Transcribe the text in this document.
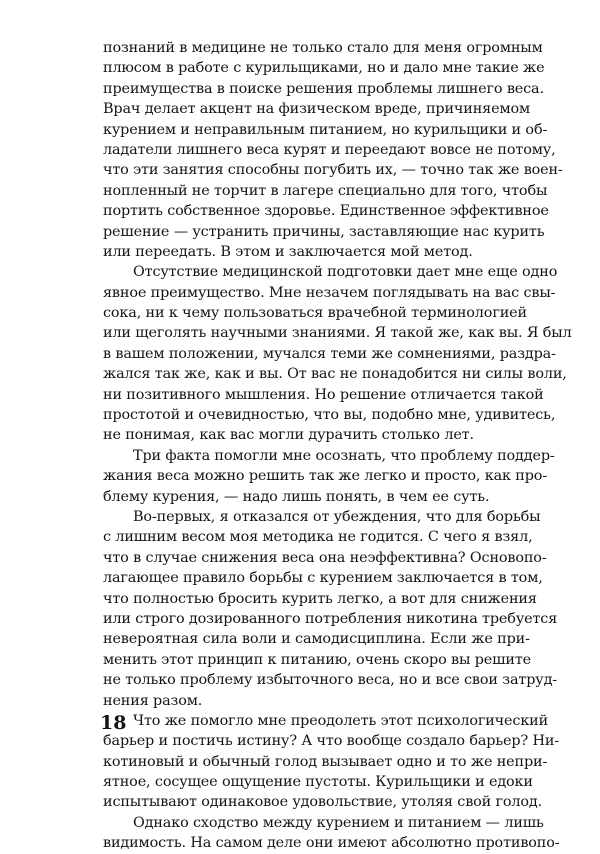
познаний в медицине не только стало для меня огромным
плюсом в работе с курильщиками, но и дало мне такие же
преимущества в поиске решения проблемы лишнего веса.
Врач делает акцент на физическом вреде, причиняемом
курением и неправильным питанием, но курильщики и об-
ладатели лишнего веса курят и переедают вовсе не потому,
что эти занятия способны погубить их, — точно так же воен-
нопленный не торчит в лагере специально для того, чтобы
портить собственное здоровье. Единственное эффективное
решение — устранить причины, заставляющие нас курить
или переедать. В этом и заключается мой метод.
Отсутствие медицинской подготовки дает мне еще одно
явное преимущество. Мне незачем поглядывать на вас свы-
сока, ни к чему пользоваться врачебной терминологией
или щеголять научными знаниями. Я такой же, как вы. Я был
в вашем положении, мучался теми же сомнениями, раздра-
жался так же, как и вы. От вас не понадобится ни силы воли,
ни позитивного мышления. Но решение отличается такой
простотой и очевидностью, что вы, подобно мне, удивитесь,
не понимая, как вас могли дурачить столько лет.
Три факта помогли мне осознать, что проблему поддер-
жания веса можно решить так же легко и просто, как про-
блему курения, — надо лишь понять, в чем ее суть.
Во-первых, я отказался от убеждения, что для борьбы
с лишним весом моя методика не годится. С чего я взял,
что в случае снижения веса она неэффективна? Основопо-
лагающее правило борьбы с курением заключается в том,
что полностью бросить курить легко, а вот для снижения
или строго дозированного потребления никотина требуется
невероятная сила воли и самодисциплина. Если же при-
менить этот принцип к питанию, очень скоро вы решите
не только проблему избыточного веса, но и все свои затруд-
нения разом.
Что же помогло мне преодолеть этот психологический
барьер и постичь истину? А что вообще создало барьер? Ни-
котиновый и обычный голод вызывает одно и то же непри-
ятное, сосущее ощущение пустоты. Курильщики и едоки
испытывают одинаковое удовольствие, утоляя свой голод.
Однако сходство между курением и питанием — лишь
видимость. На самом деле они имеют абсолютно противопо-
18
